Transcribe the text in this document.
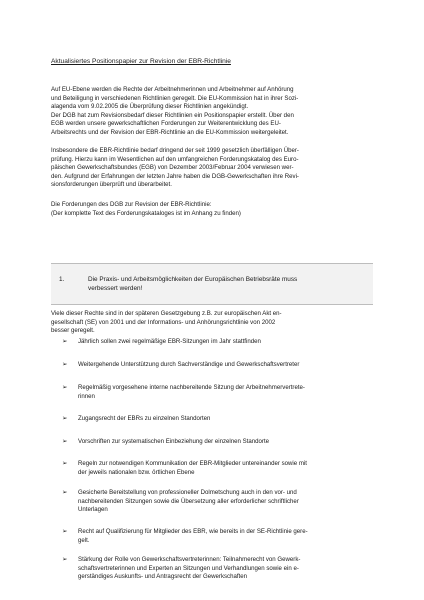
Aktualisiertes Positionspapier zur Revision der EBR-Richtlinie

Auf EU-Ebene werden die Rechte der Arbeitnehmerinnen und Arbeitnehmer auf Anhörung
und Beteiligung in verschiedenen Richtlinien geregelt. Die EU-Kommission hat in ihrer Sozi-
alagenda vom 9.02.2005 die Überprüfung dieser Richtlinien angekündigt.
Der DGB hat zum Revisionsbedarf dieser Richtlinien ein Positionspapier erstellt. Über den
EGB werden unsere gewerkschaftlichen Forderungen zur Weiterentwicklung des EU-
Arbeitsrechts und der Revision der EBR-Richtlinie an die EU-Kommission weitergeleitet.

Insbesondere die EBR-Richtlinie bedarf dringend der seit 1999 gesetzlich überfälligen Über-
prüfung. Hierzu kann im Wesentlichen auf den umfangreichen Forderungskatalog des Euro-
päischen Gewerkschaftsbundes (EGB) von Dezember 2003/Februar 2004 verwiesen wer-
den. Aufgrund der Erfahrungen der letzten Jahre haben die DGB-Gewerkschaften ihre Revi-
sionsforderungen überprüft und überarbeitet.

Die Forderungen des DGB zur Revision der EBR-Richtlinie:
(Der komplette Text des Forderungskataloges ist im Anhang zu finden)

1.	Die Praxis- und Arbeitsmöglichkeiten der Europäischen Betriebsräte muss
verbessert werden!

Viele dieser Rechte sind in der späteren Gesetzgebung z.B. zur europäischen Akt en-
gesellschaft (SE) von 2001 und der Informations- und Anhörungsrichtlinie von 2002
besser geregelt.

➢ Jährlich sollen zwei regelmäßige EBR-Sitzungen im Jahr stattfinden
➢ Weitergehende Unterstützung durch Sachverständige und Gewerkschaftsvertreter
➢ Regelmäßig vorgesehene interne nachbereitende Sitzung der Arbeitnehmervertrete-
rinnen
➢ Zugangsrecht der EBRs zu einzelnen Standorten
➢ Vorschriften zur systematischen Einbeziehung der einzelnen Standorte
➢ Regeln zur notwendigen Kommunikation der EBR-Mitglieder untereinander sowie mit
der jeweils nationalen bzw. örtlichen Ebene
➢ Gesicherte Bereitstellung von professioneller Dolmetschung auch in den vor- und
nachbereitenden Sitzungen sowie die Übersetzung aller erforderlicher schriftlicher
Unterlagen
➢ Recht auf Qualifizierung für Mitglieder des EBR, wie bereits in der SE-Richtlinie gere-
gelt.
➢ Stärkung der Rolle von Gewerkschaftsvertreterinnen: Teilnahmerecht von Gewerk-
schaftsvertreterinnen und Experten an Sitzungen und Verhandlungen sowie ein e-
gerständiges Auskunfts- und Antragsrecht der Gewerkschaften
